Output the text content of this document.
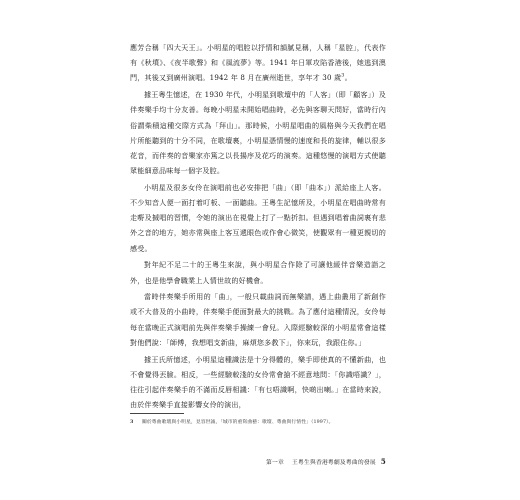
應芳合稱「四大天王」。小明星的唱腔以抒情和韻腻見稱，人稱「星腔」，代表作有《秋墳》、《夜半歌聲》和《風流夢》等。1941 年日軍攻陷香港後，她逃到澳門，其後又到廣州演唱。1942 年 8 月在廣州逝世，享年才 30 歲$^3$。

據王粵生憶述，在 1930 年代，小明星到歌壇中的「人客」（即「顧客」）及伴奏樂手均十分友善。每晚小明星未開始唱曲時，必先與客聊天問好，當時行內俗謂柴積這種交際方式為「拜山」。那時候，小明星唱曲的風格與今天我們在唱片所能聽到的十分不同，在歌壇裏，小明星憑情慢的速度和長的旋律，輔以很多花音，而伴奏的音樂家亦篤之以長揚序及花巧的演奏。這種悠慢的演唱方式使聽眾能細意品味每一個字及腔。

小明星及很多女伶在演唱前也必安排把「曲」（即「曲本」）派給座上人客。不少知音人便一面打着叮板、一面聽曲。王粵生記憶所及，小明星在唱曲時常有走嘢及搣唱的習慣，令她的演出在視覺上打了一點折扣。但遇到唱着曲詞裏有悲外之音的地方，她亦常與座上客互遞眼色或作會心微笑，使觀眾有一種更親切的感受。

對年紀不足二十的王粵生來說，與小明星合作除了可讓他緩伴音樂造詣之外，也是他學會職業上人情世故的好機會。

當時伴奏樂手所用的「曲」，一般只載曲詞而無樂譜，遇上曲叢用了新創作或不大普及的小曲時，伴奏樂手便面對最大的挑戰。為了應付這種情況，女伶每每在當晚正式演唱前先與伴奏樂手操練一會兒。入際經驗較深的小明星常會這樣對他們說：「師傅，我想唱支新曲，麻煩您多教下」，你來玩，我跟住你。」

據王氏所憶述，小明星這種識法是十分得體的，樂手即使真的不懂新曲，也不會覺得丟臉。相反，一些經驗較淺的女伶常會搶不經意地問：「你識唔識？」，往往引起伴奏樂手的不滿而反唇相譏：「有乜唔識啊，快啲出喇。」在當時來說，由於伴奏樂手直接影響女伶的演出，

3 關於粵曲歌壇與小明星，見容世誠，「城市的重寫曲藝：歌壇、粵曲與行情性」（1997）。
第一章 王粵生與香港粵劇及粵曲的發展 5
